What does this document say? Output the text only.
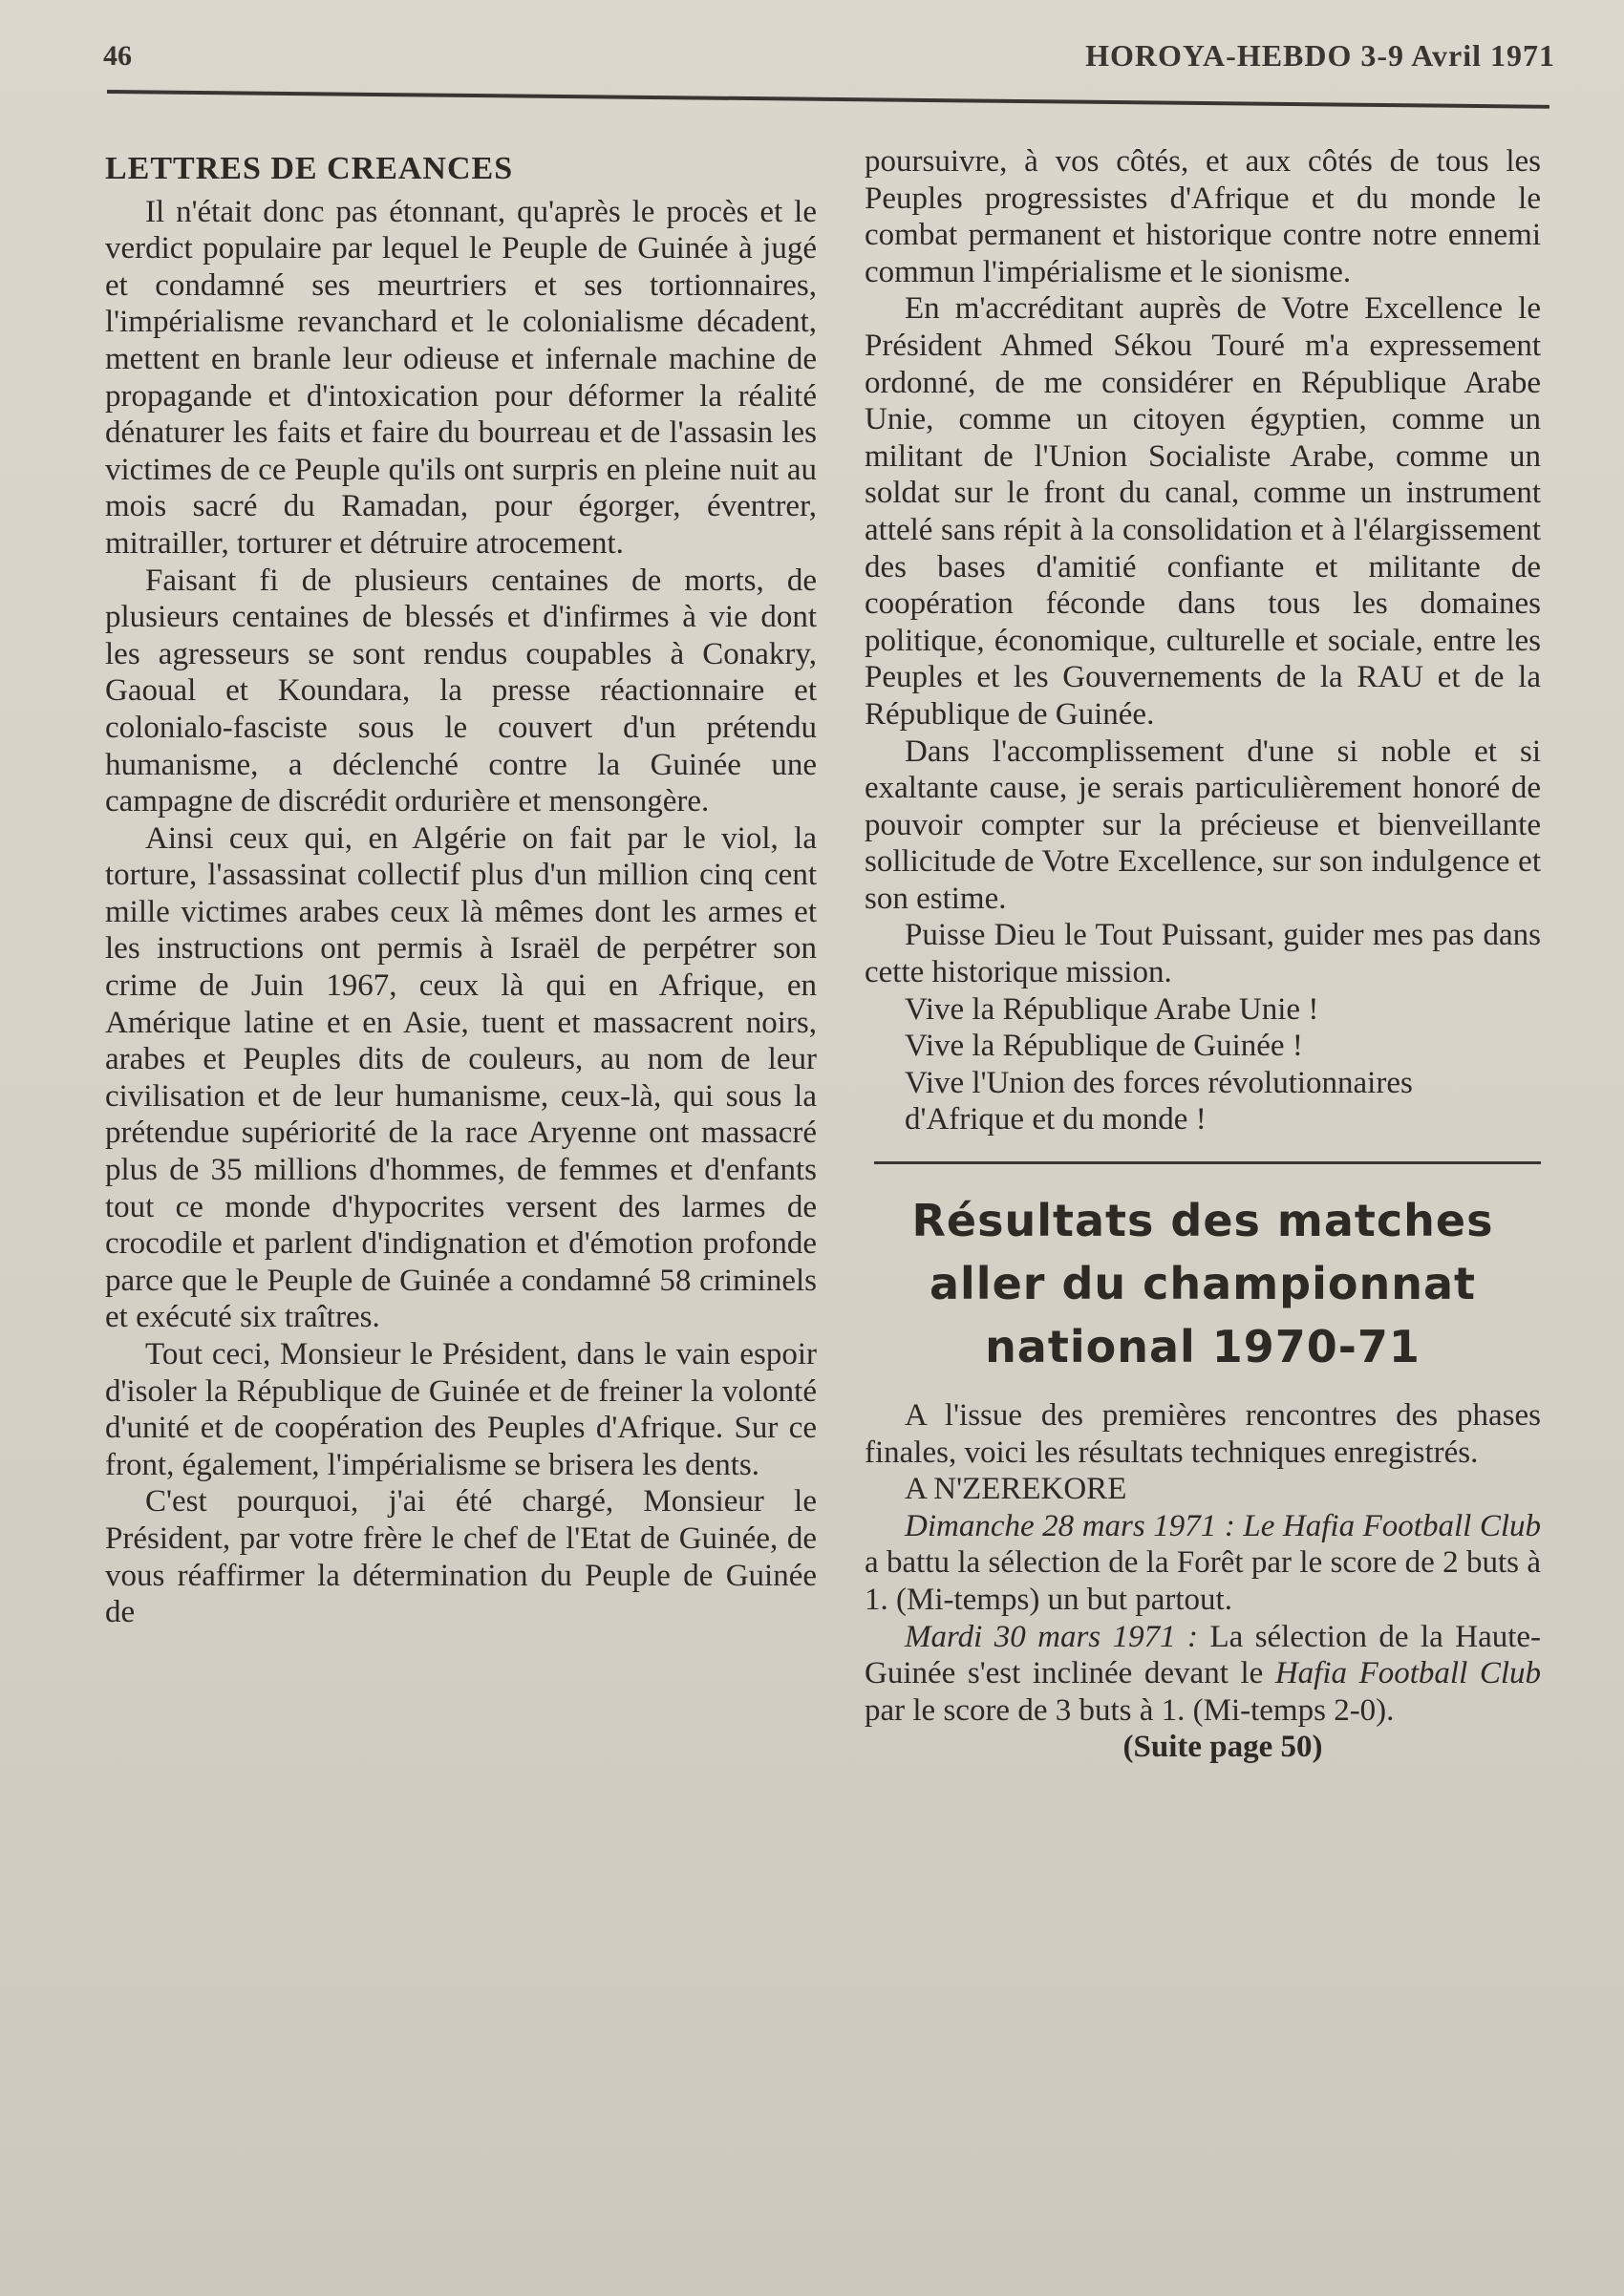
46	HOROYA-HEBDO 3-9 Avril 1971
LETTRES DE CREANCES

Il n'était donc pas étonnant, qu'après le procès et le verdict populaire par lequel le Peuple de Guinée à jugé et condamné ses meurtriers et ses tortionnaires, l'impérialisme revanchard et le colonialisme décadent, mettent en branle leur odieuse et infernale machine de propagande et d'intoxication pour déformer la réalité dénaturer les faits et faire du bourreau et de l'assasin les victimes de ce Peuple qu'ils ont surpris en pleine nuit au mois sacré du Ramadan, pour égorger, éventrer, mitrailler, torturer et détruire atrocement.

Faisant fi de plusieurs centaines de morts, de plusieurs centaines de blessés et d'infirmes à vie dont les agresseurs se sont rendus coupables à Conakry, Gaoual et Koundara, la presse réactionnaire et colonialo-fasciste sous le couvert d'un prétendu humanisme, a déclenché contre la Guinée une campagne de discrédit ordurière et mensongère.

Ainsi ceux qui, en Algérie on fait par le viol, la torture, l'assassinat collectif plus d'un million cinq cent mille victimes arabes ceux là mêmes dont les armes et les instructions ont permis à Israël de perpétrer son crime de Juin 1967, ceux là qui en Afrique, en Amérique latine et en Asie, tuent et massacrent noirs, arabes et Peuples dits de couleurs, au nom de leur civilisation et de leur humanisme, ceux-là, qui sous la prétendue supériorité de la race Aryenne ont massacré plus de 35 millions d'hommes, de femmes et d'enfants tout ce monde d'hypocrites versent des larmes de crocodile et parlent d'indignation et d'émotion profonde parce que le Peuple de Guinée a condamné 58 criminels et exécuté six traîtres.

Tout ceci, Monsieur le Président, dans le vain espoir d'isoler la République de Guinée et de freiner la volonté d'unité et de coopération des Peuples d'Afrique. Sur ce front, également, l'impérialisme se brisera les dents.

C'est pourquoi, j'ai été chargé, Monsieur le Président, par votre frère le chef de l'Etat de Guinée, de vous réaffirmer la détermination du Peuple de Guinée de

poursuivre, à vos côtés, et aux côtés de tous les Peuples progressistes d'Afrique et du monde le combat permanent et historique contre notre ennemi commun l'impérialisme et le sionisme.

En m'accréditant auprès de Votre Excellence le Président Ahmed Sékou Touré m'a expressement ordonné, de me considérer en République Arabe Unie, comme un citoyen égyptien, comme un militant de l'Union Socialiste Arabe, comme un soldat sur le front du canal, comme un instrument attelé sans répit à la consolidation et à l'élargissement des bases d'amitié confiante et militante de coopération féconde dans tous les domaines politique, économique, culturelle et sociale, entre les Peuples et les Gouvernements de la RAU et de la République de Guinée.

Dans l'accomplissement d'une si noble et si exaltante cause, je serais particulièrement honoré de pouvoir compter sur la précieuse et bienveillante sollicitude de Votre Excellence, sur son indulgence et son estime.

Puisse Dieu le Tout Puissant, guider mes pas dans cette historique mission.

Vive la République Arabe Unie !

Vive la République de Guinée !

Vive l'Union des forces révolutionnaires

d'Afrique et du monde !

Résultats des matches
aller du championnat
national 1970-71

A l'issue des premières rencontres des phases finales, voici les résultats techniques enregistrés.

A N'ZEREKORE

Dimanche 28 mars 1971 : Le Hafia Football Club a battu la sélection de la Forêt par le score de 2 buts à 1. (Mi-temps) un but partout.

Mardi 30 mars 1971 : La sélection de la Haute-Guinée s'est inclinée devant le Hafia Football Club par le score de 3 buts à 1. (Mi-temps 2-0).

(Suite page 50)
